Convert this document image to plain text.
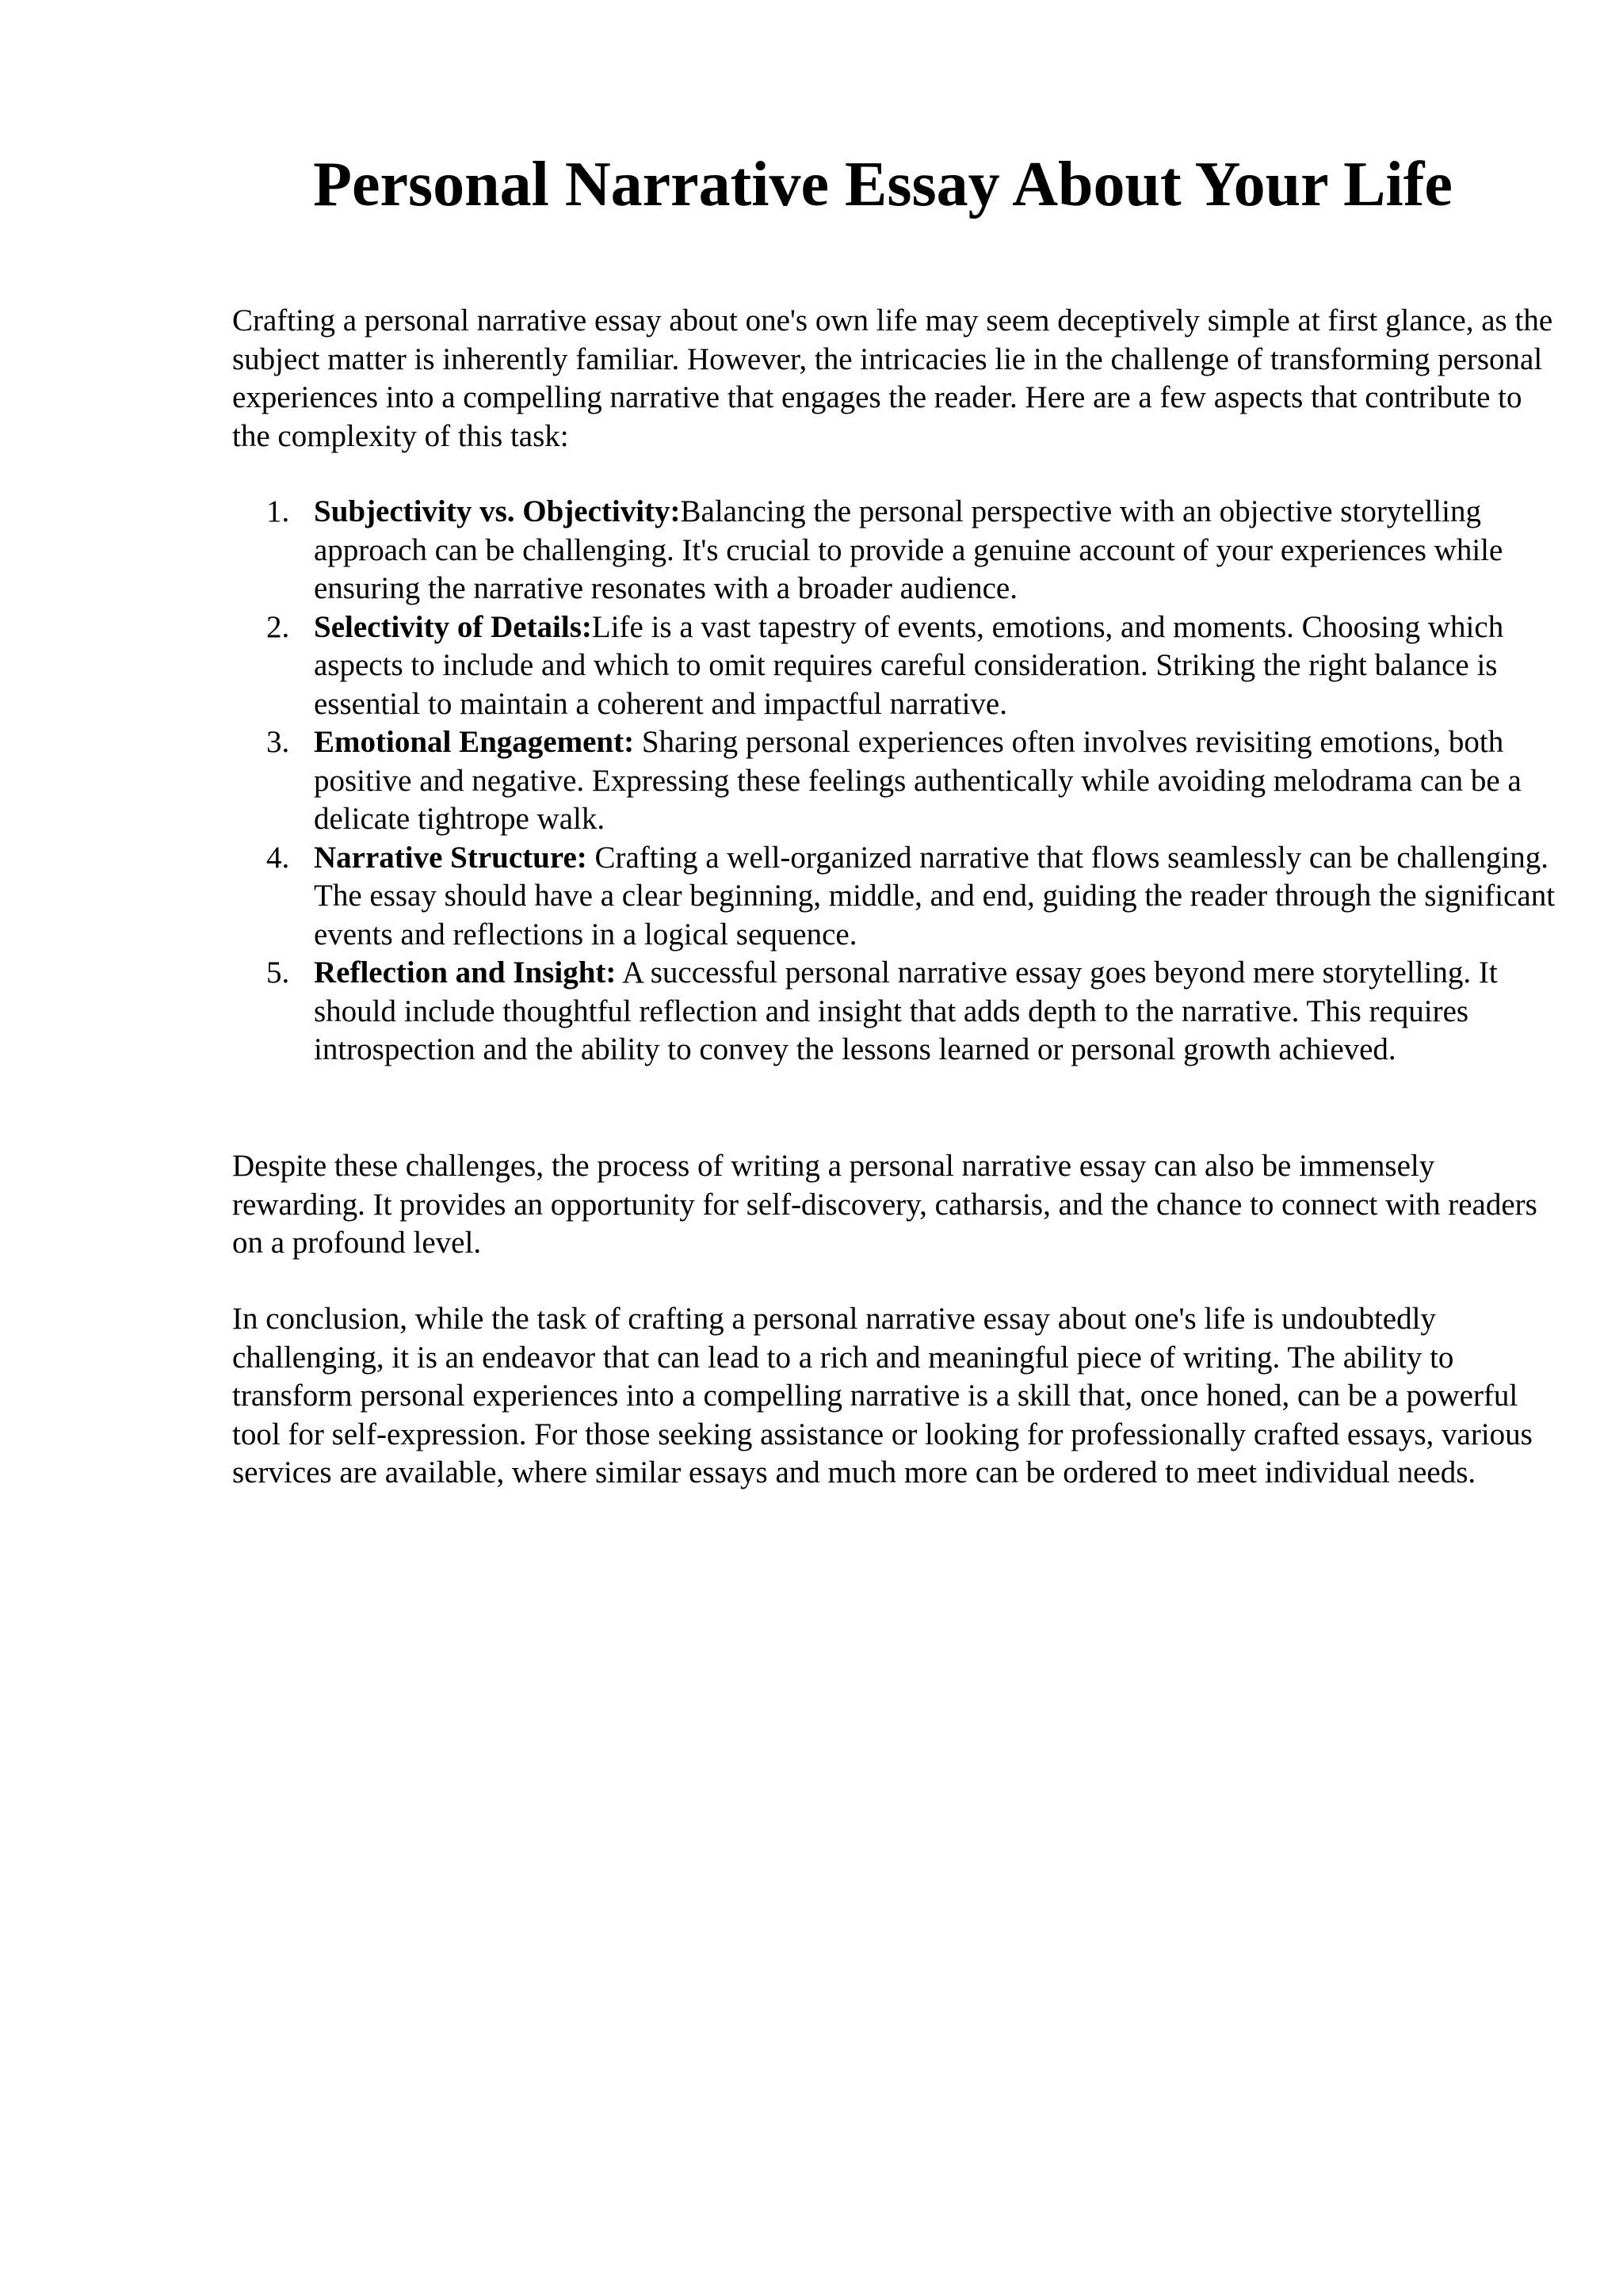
Personal Narrative Essay About Your Life

Crafting a personal narrative essay about one's own life may seem deceptively simple at first glance, as the subject matter is inherently familiar. However, the intricacies lie in the challenge of transforming personal experiences into a compelling narrative that engages the reader. Here are a few aspects that contribute to the complexity of this task:

1. Subjectivity vs. Objectivity:Balancing the personal perspective with an objective storytelling approach can be challenging. It's crucial to provide a genuine account of your experiences while ensuring the narrative resonates with a broader audience.
2. Selectivity of Details:Life is a vast tapestry of events, emotions, and moments. Choosing which aspects to include and which to omit requires careful consideration. Striking the right balance is essential to maintain a coherent and impactful narrative.
3. Emotional Engagement: Sharing personal experiences often involves revisiting emotions, both positive and negative. Expressing these feelings authentically while avoiding melodrama can be a delicate tightrope walk.
4. Narrative Structure: Crafting a well-organized narrative that flows seamlessly can be challenging. The essay should have a clear beginning, middle, and end, guiding the reader through the significant events and reflections in a logical sequence.
5. Reflection and Insight: A successful personal narrative essay goes beyond mere storytelling. It should include thoughtful reflection and insight that adds depth to the narrative. This requires introspection and the ability to convey the lessons learned or personal growth achieved.

Despite these challenges, the process of writing a personal narrative essay can also be immensely rewarding. It provides an opportunity for self-discovery, catharsis, and the chance to connect with readers on a profound level.

In conclusion, while the task of crafting a personal narrative essay about one's life is undoubtedly challenging, it is an endeavor that can lead to a rich and meaningful piece of writing. The ability to transform personal experiences into a compelling narrative is a skill that, once honed, can be a powerful tool for self-expression. For those seeking assistance or looking for professionally crafted essays, various services are available, where similar essays and much more can be ordered to meet individual needs.
